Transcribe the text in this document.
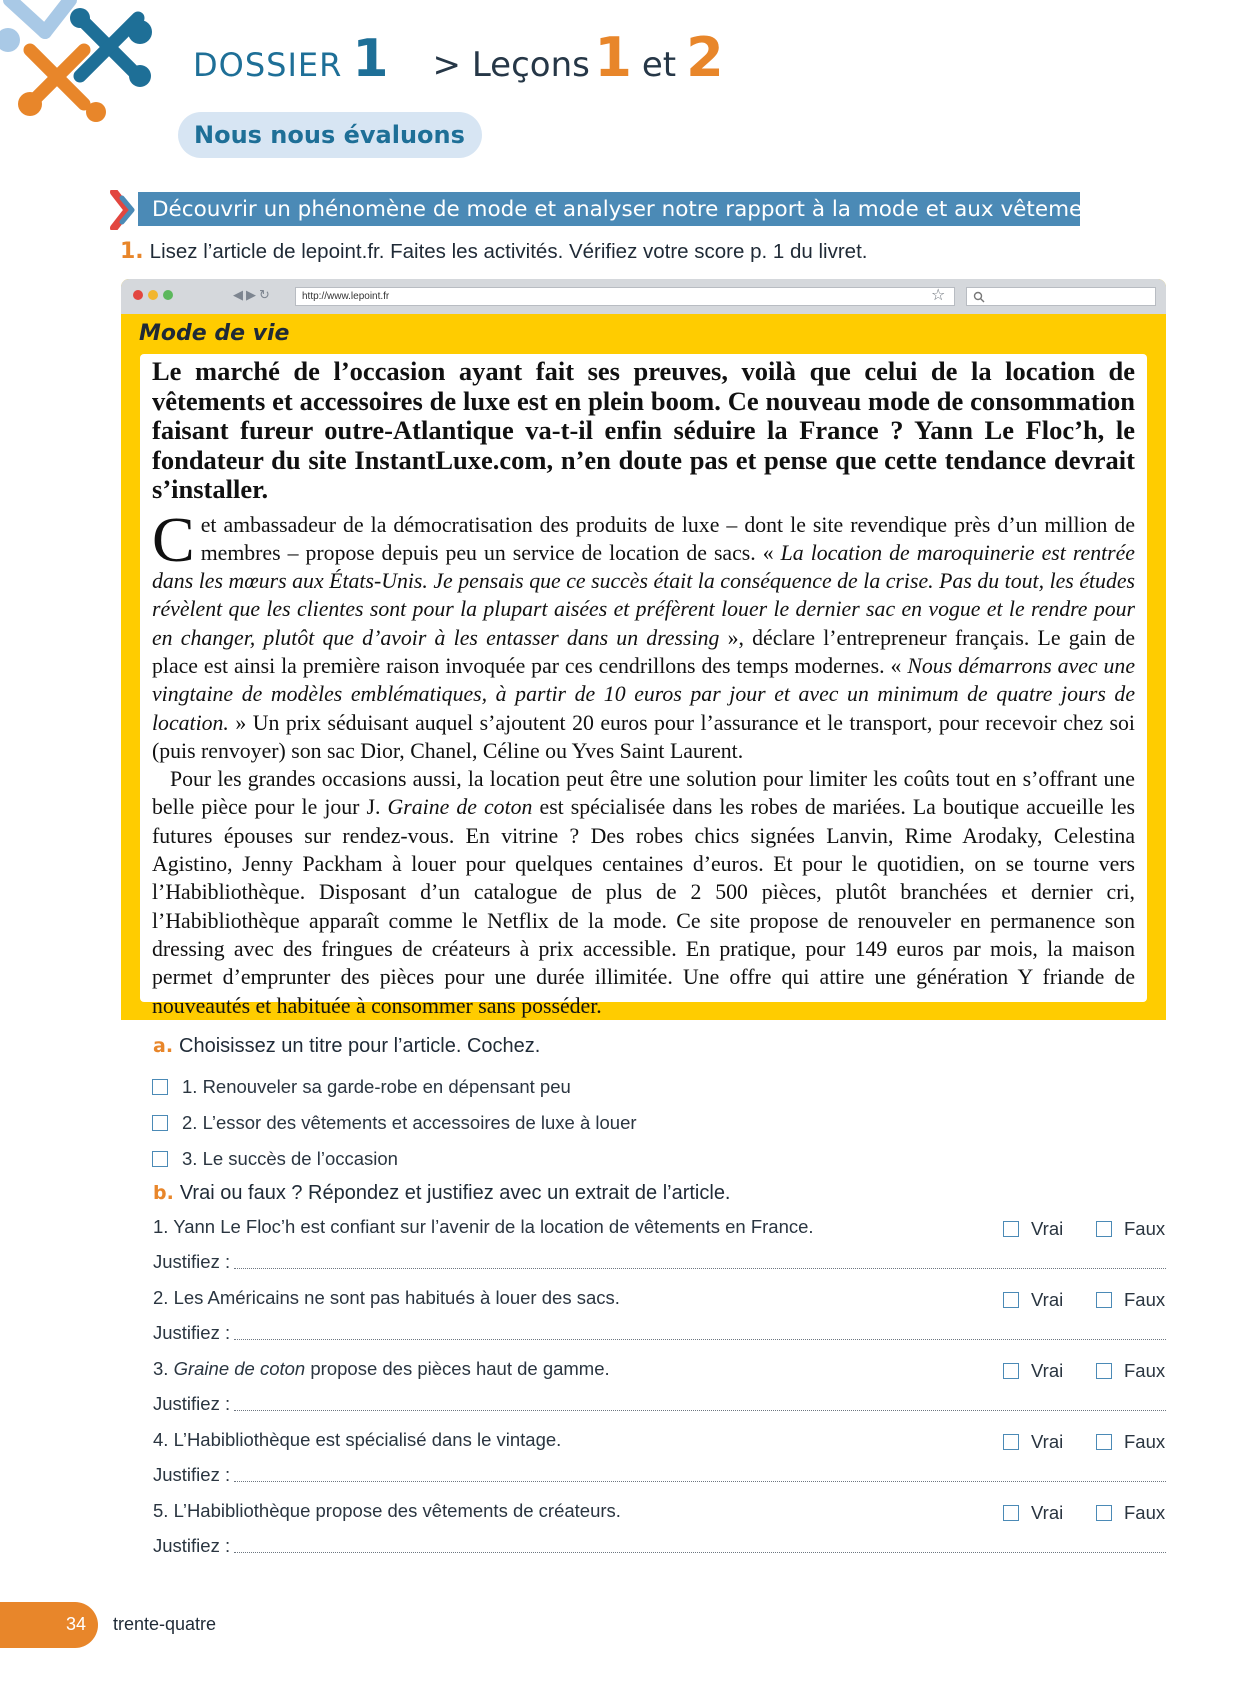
DOSSIER 1 > Leçons 1 et 2
Nous nous évaluons
Découvrir un phénomène de mode et analyser notre rapport à la mode et aux vêtements
1. Lisez l’article de lepoint.fr. Faites les activités. Vérifiez votre score p. 1 du livret.
◀▶↻	http://www.lepoint.fr	☆
Mode de vie

Le marché de l’occasion ayant fait ses preuves, voilà que celui de la location de vêtements et accessoires de luxe est en plein boom. Ce nouveau mode de consommation faisant fureur outre-Atlantique va-t-il enfin séduire la France ? Yann Le Floc’h, le fondateur du site InstantLuxe.com, n’en doute pas et pense que cette tendance devrait s’installer.

Cet ambassadeur de la démocratisation des produits de luxe – dont le site revendique près d’un million de membres – propose depuis peu un service de location de sacs. « La location de maroquinerie est rentrée dans les mœurs aux États-Unis. Je pensais que ce succès était la conséquence de la crise. Pas du tout, les études révèlent que les clientes sont pour la plupart aisées et préfèrent louer le dernier sac en vogue et le rendre pour en changer, plutôt que d’avoir à les entasser dans un dressing », déclare l’entrepreneur français. Le gain de place est ainsi la première raison invoquée par ces cendrillons des temps modernes. « Nous démarrons avec une vingtaine de modèles emblématiques, à partir de 10 euros par jour et avec un minimum de quatre jours de location. » Un prix séduisant auquel s’ajoutent 20 euros pour l’assurance et le transport, pour recevoir chez soi (puis renvoyer) son sac Dior, Chanel, Céline ou Yves Saint Laurent.

Pour les grandes occasions aussi, la location peut être une solution pour limiter les coûts tout en s’offrant une belle pièce pour le jour J. Graine de coton est spécialisée dans les robes de mariées. La boutique accueille les futures épouses sur rendez-vous. En vitrine ? Des robes chics signées Lanvin, Rime Arodaky, Celestina Agistino, Jenny Packham à louer pour quelques centaines d’euros. Et pour le quotidien, on se tourne vers l’Habibliothèque. Disposant d’un catalogue de plus de 2 500 pièces, plutôt branchées et dernier cri, l’Habibliothèque apparaît comme le Netflix de la mode. Ce site propose de renouveler en permanence son dressing avec des fringues de créateurs à prix accessible. En pratique, pour 149 euros par mois, la maison permet d’emprunter des pièces pour une durée illimitée. Une offre qui attire une génération Y friande de nouveautés et habituée à consommer sans posséder.

a. Choisissez un titre pour l’article. Cochez.
1. Renouveler sa garde-robe en dépensant peu
2. L’essor des vêtements et accessoires de luxe à louer
3. Le succès de l’occasion
b. Vrai ou faux ? Répondez et justifiez avec un extrait de l’article.
1. Yann Le Floc’h est confiant sur l’avenir de la location de vêtements en France.	Vrai	Faux
Justifiez :
2. Les Américains ne sont pas habitués à louer des sacs.	Vrai	Faux
Justifiez :
3. Graine de coton propose des pièces haut de gamme.	Vrai	Faux
Justifiez :
4. L’Habibliothèque est spécialisé dans le vintage.	Vrai	Faux
Justifiez :
5. L’Habibliothèque propose des vêtements de créateurs.	Vrai	Faux
Justifiez :
34 trente-quatre
